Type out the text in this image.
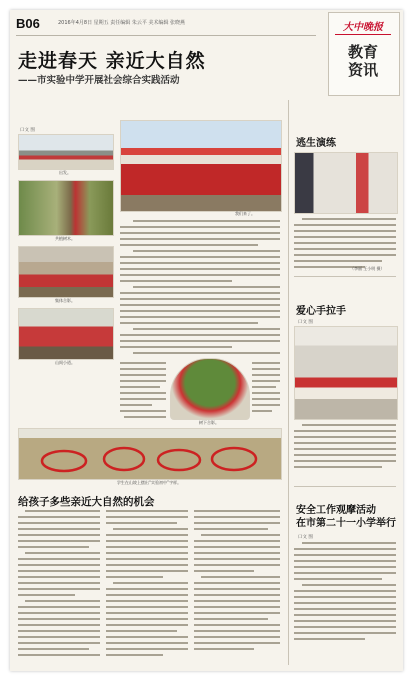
B06	2016年4月8日 星期五 责任编辑 朱云平 美术编辑 张晓燕	大中晚报
教育
资讯
走进春天 亲近大自然
——市实验中学开展社会综合实践活动
口文 图
出发。
共植树木。
集体合影。
山间小道。
我们来了。
树下合影。
学生在山坡上摆出“实验初中”字样。
给孩子多些亲近大自然的机会
逃生演练
（李丽 王小明 摄）
爱心手拉手
口文 图
安全工作观摩活动
在市第二十一小学举行
口文 图
